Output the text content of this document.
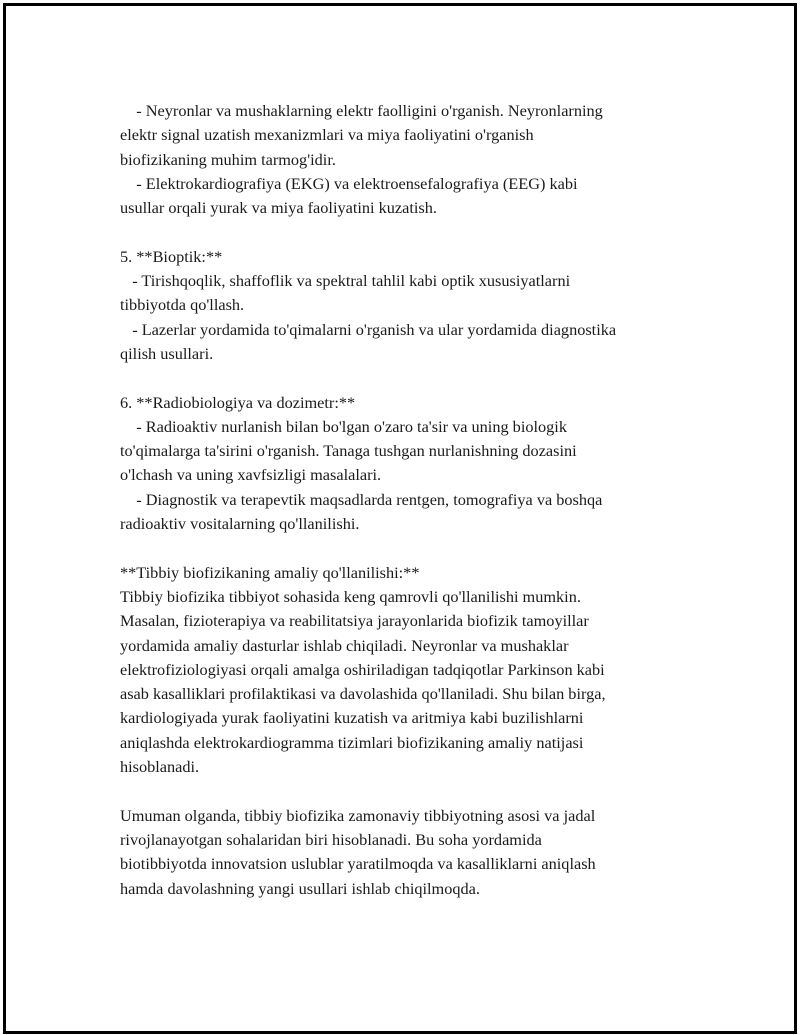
- Neyronlar va mushaklarning elektr faolligini o'rganish. Neyronlarning
elektr signal uzatish mexanizmlari va miya faoliyatini o'rganish
biofizikaning muhim tarmog'idir.
- Elektrokardiografiya (EKG) va elektroensefalografiya (EEG) kabi
usullar orqali yurak va miya faoliyatini kuzatish.
5. **Bioptik:**
- Tirishqoqlik, shaffoflik va spektral tahlil kabi optik xususiyatlarni
tibbiyotda qo'llash.
- Lazerlar yordamida to'qimalarni o'rganish va ular yordamida diagnostika
qilish usullari.
6. **Radiobiologiya va dozimetr:**
- Radioaktiv nurlanish bilan bo'lgan o'zaro ta'sir va uning biologik
to'qimalarga ta'sirini o'rganish. Tanaga tushgan nurlanishning dozasini
o'lchash va uning xavfsizligi masalalari.
- Diagnostik va terapevtik maqsadlarda rentgen, tomografiya va boshqa
radioaktiv vositalarning qo'llanilishi.
**Tibbiy biofizikaning amaliy qo'llanilishi:**
Tibbiy biofizika tibbiyot sohasida keng qamrovli qo'llanilishi mumkin.
Masalan, fizioterapiya va reabilitatsiya jarayonlarida biofizik tamoyillar
yordamida amaliy dasturlar ishlab chiqiladi. Neyronlar va mushaklar
elektrofiziologiyasi orqali amalga oshiriladigan tadqiqotlar Parkinson kabi
asab kasalliklari profilaktikasi va davolashida qo'llaniladi. Shu bilan birga,
kardiologiyada yurak faoliyatini kuzatish va aritmiya kabi buzilishlarni
aniqlashda elektrokardiogramma tizimlari biofizikaning amaliy natijasi
hisoblanadi.
Umuman olganda, tibbiy biofizika zamonaviy tibbiyotning asosi va jadal
rivojlanayotgan sohalaridan biri hisoblanadi. Bu soha yordamida
biotibbiyotda innovatsion uslublar yaratilmoqda va kasalliklarni aniqlash
hamda davolashning yangi usullari ishlab chiqilmoqda.
